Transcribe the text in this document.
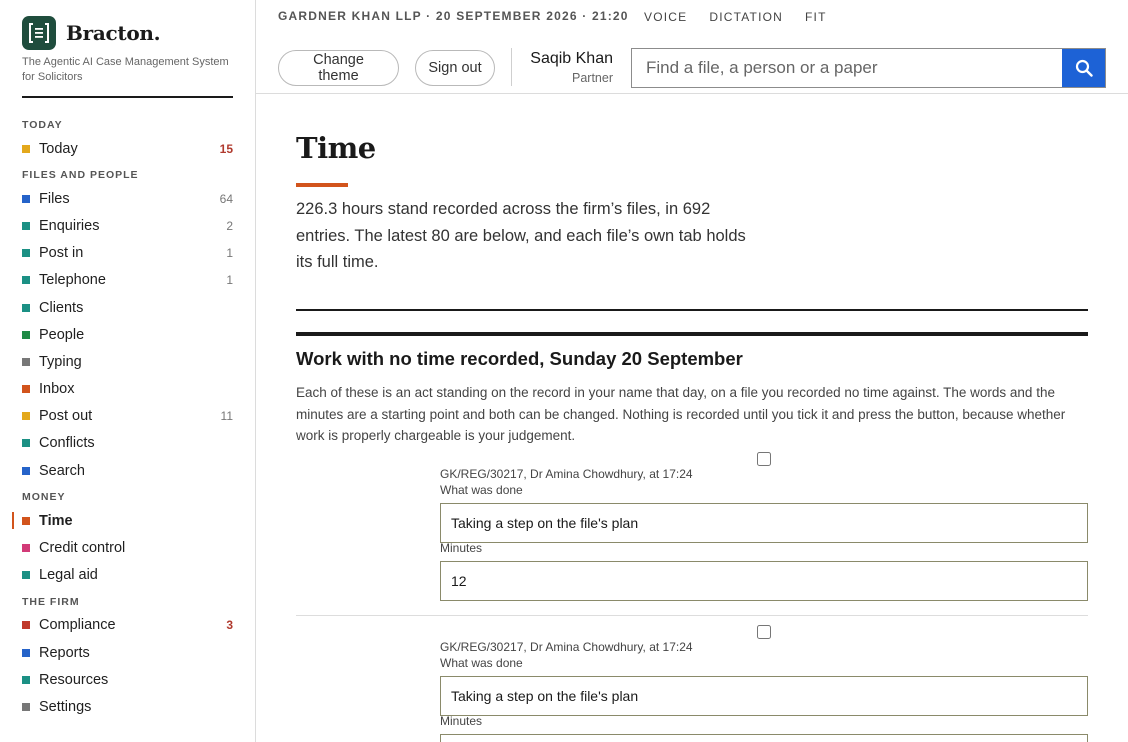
Bracton.
The Agentic AI Case Management System for Solicitors
TODAY
Today	15
FILES AND PEOPLE
Files	64
Enquiries	2
Post in	1
Telephone	1
Clients
People
Typing
Inbox
Post out	11
Conflicts
Search
MONEY
Time
Credit control
Legal aid
THE FIRM
Compliance	3
Reports
Resources
Settings
GARDNER KHAN LLP · 20 SEPTEMBER 2026 · 21:20 VOICE DICTATION FIT
Change theme	Sign out
Saqib Khan
Partner
Find a file, a person or a paper
Time

226.3 hours stand recorded across the firm’s files, in 692 entries. The latest 80 are below, and each file’s own tab holds its full time.

Work with no time recorded, Sunday 20 September

Each of these is an act standing on the record in your name that day, on a file you recorded no time against. The words and the minutes are a starting point and both can be changed. Nothing is recorded until you tick it and press the button, because whether work is properly chargeable is your judgement.

GK/REG/30217, Dr Amina Chowdhury, at 17:24
What was done
Taking a step on the file's plan
Minutes
12
GK/REG/30217, Dr Amina Chowdhury, at 17:24
What was done
Taking a step on the file's plan
Minutes
